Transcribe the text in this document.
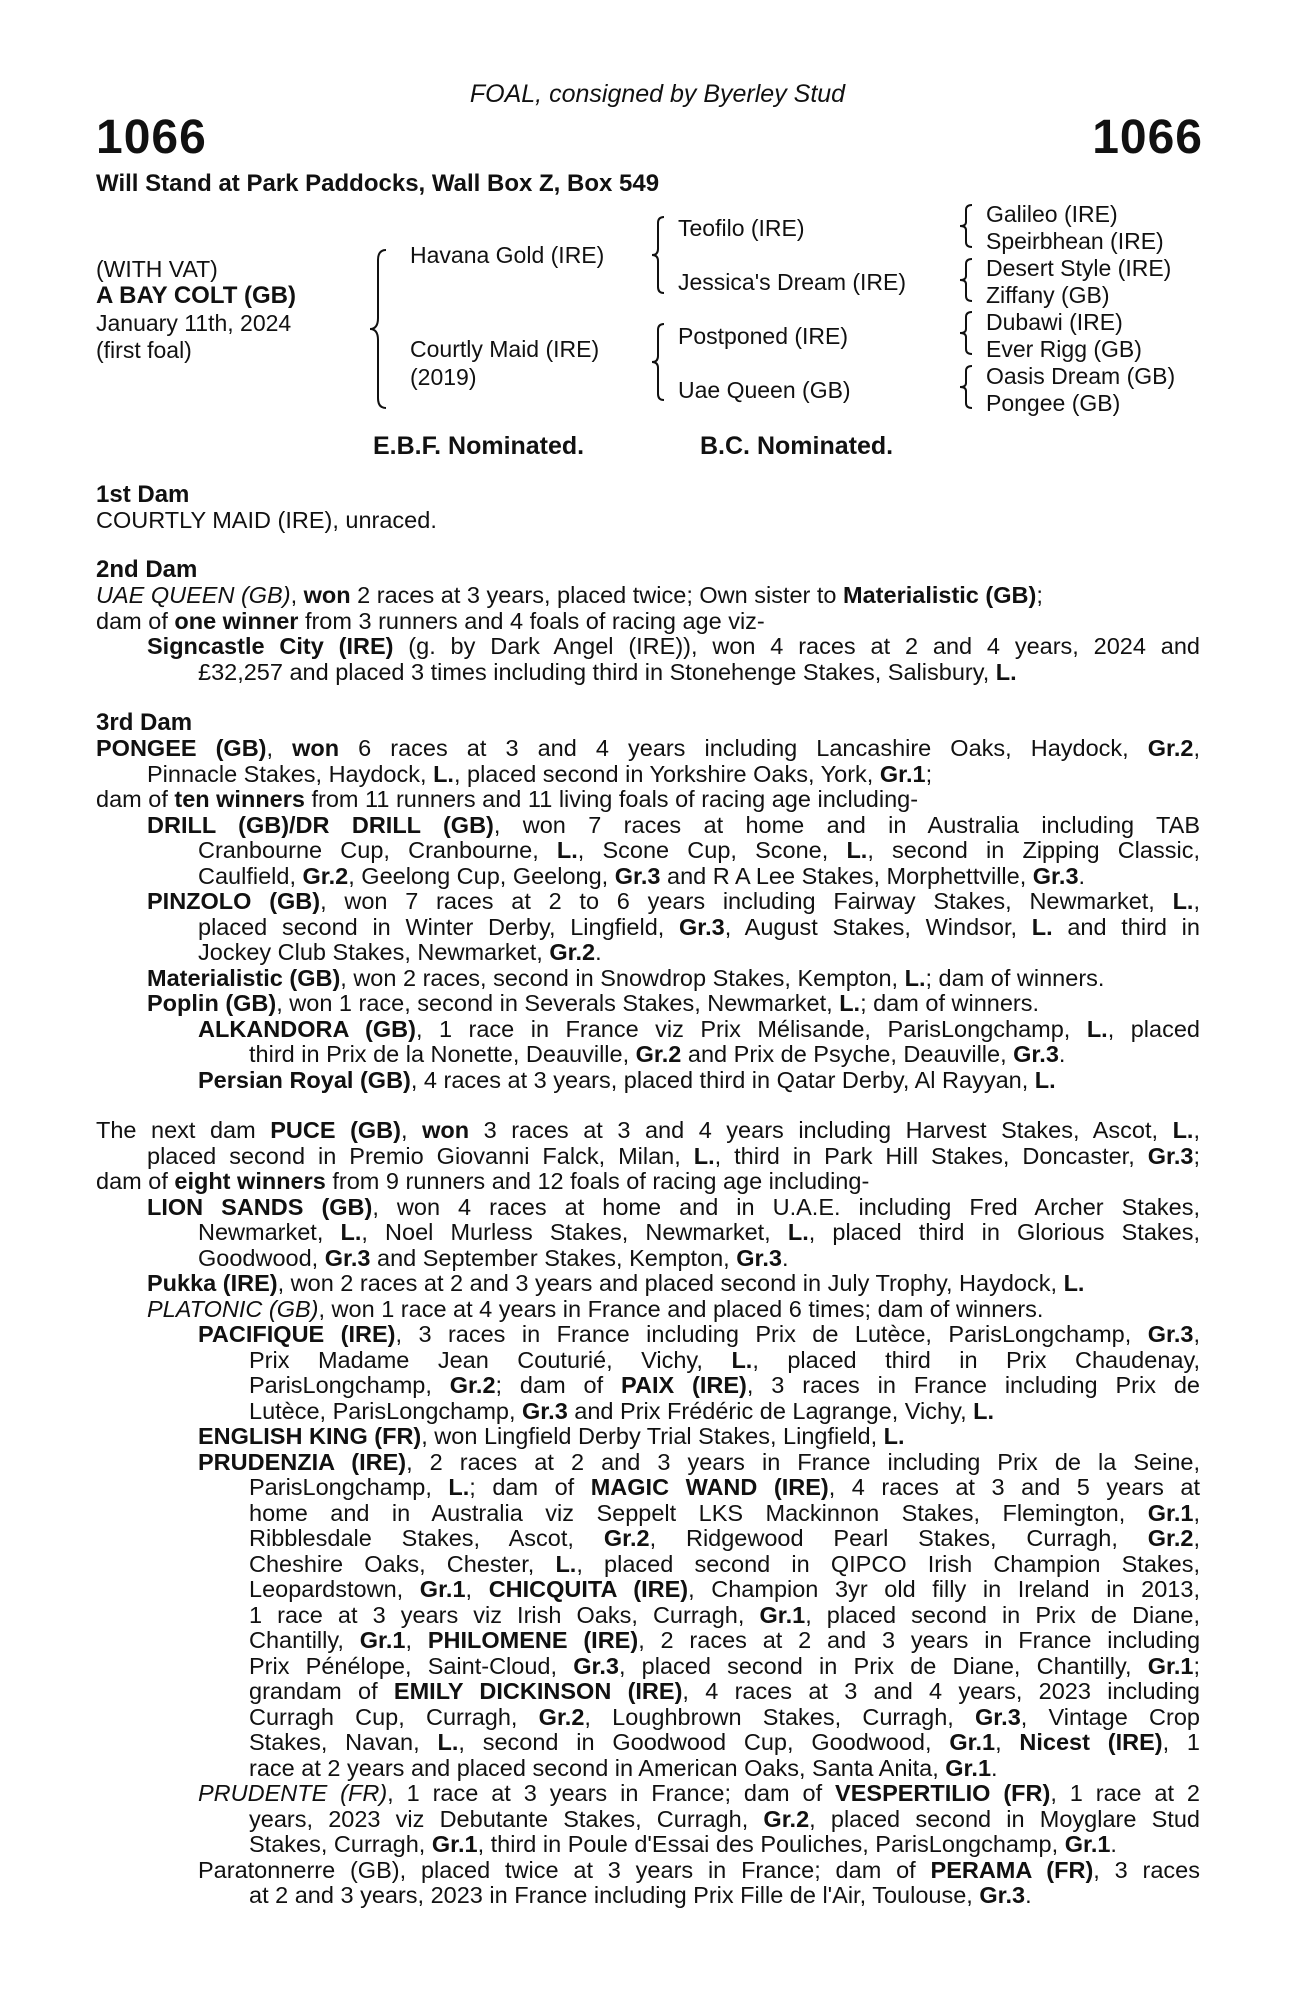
FOAL, consigned by Byerley Stud
1066	1066
Will Stand at Park Paddocks, Wall Box Z, Box 549
(WITH VAT)
A BAY COLT (GB)
January 11th, 2024
(first foal)
Havana Gold (IRE)
Courtly Maid (IRE)
(2019)
Teofilo (IRE)
Jessica's Dream (IRE)
Postponed (IRE)
Uae Queen (GB)
Galileo (IRE)
Speirbhean (IRE)
Desert Style (IRE)
Ziffany (GB)
Dubawi (IRE)
Ever Rigg (GB)
Oasis Dream (GB)
Pongee (GB)
E.B.F. Nominated.	B.C. Nominated.
1st Dam
COURTLY MAID (IRE), unraced.
2nd Dam
UAE QUEEN (GB), won 2 races at 3 years, placed twice; Own sister to Materialistic (GB);
dam of one winner from 3 runners and 4 foals of racing age viz-
Signcastle City (IRE) (g. by Dark Angel (IRE)), won 4 races at 2 and 4 years, 2024 and
£32,257 and placed 3 times including third in Stonehenge Stakes, Salisbury, L.
3rd Dam
PONGEE (GB), won 6 races at 3 and 4 years including Lancashire Oaks, Haydock, Gr.2,
Pinnacle Stakes, Haydock, L., placed second in Yorkshire Oaks, York, Gr.1;
dam of ten winners from 11 runners and 11 living foals of racing age including-
DRILL (GB)/DR DRILL (GB), won 7 races at home and in Australia including TAB
Cranbourne Cup, Cranbourne, L., Scone Cup, Scone, L., second in Zipping Classic,
Caulfield, Gr.2, Geelong Cup, Geelong, Gr.3 and R A Lee Stakes, Morphettville, Gr.3.
PINZOLO (GB), won 7 races at 2 to 6 years including Fairway Stakes, Newmarket, L.,
placed second in Winter Derby, Lingfield, Gr.3, August Stakes, Windsor, L. and third in
Jockey Club Stakes, Newmarket, Gr.2.
Materialistic (GB), won 2 races, second in Snowdrop Stakes, Kempton, L.; dam of winners.
Poplin (GB), won 1 race, second in Severals Stakes, Newmarket, L.; dam of winners.
ALKANDORA (GB), 1 race in France viz Prix Mélisande, ParisLongchamp, L., placed
third in Prix de la Nonette, Deauville, Gr.2 and Prix de Psyche, Deauville, Gr.3.
Persian Royal (GB), 4 races at 3 years, placed third in Qatar Derby, Al Rayyan, L.
The next dam PUCE (GB), won 3 races at 3 and 4 years including Harvest Stakes, Ascot, L.,
placed second in Premio Giovanni Falck, Milan, L., third in Park Hill Stakes, Doncaster, Gr.3;
dam of eight winners from 9 runners and 12 foals of racing age including-
LION SANDS (GB), won 4 races at home and in U.A.E. including Fred Archer Stakes,
Newmarket, L., Noel Murless Stakes, Newmarket, L., placed third in Glorious Stakes,
Goodwood, Gr.3 and September Stakes, Kempton, Gr.3.
Pukka (IRE), won 2 races at 2 and 3 years and placed second in July Trophy, Haydock, L.
PLATONIC (GB), won 1 race at 4 years in France and placed 6 times; dam of winners.
PACIFIQUE (IRE), 3 races in France including Prix de Lutèce, ParisLongchamp, Gr.3,
Prix Madame Jean Couturié, Vichy, L., placed third in Prix Chaudenay,
ParisLongchamp, Gr.2; dam of PAIX (IRE), 3 races in France including Prix de
Lutèce, ParisLongchamp, Gr.3 and Prix Frédéric de Lagrange, Vichy, L.
ENGLISH KING (FR), won Lingfield Derby Trial Stakes, Lingfield, L.
PRUDENZIA (IRE), 2 races at 2 and 3 years in France including Prix de la Seine,
ParisLongchamp, L.; dam of MAGIC WAND (IRE), 4 races at 3 and 5 years at
home and in Australia viz Seppelt LKS Mackinnon Stakes, Flemington, Gr.1,
Ribblesdale Stakes, Ascot, Gr.2, Ridgewood Pearl Stakes, Curragh, Gr.2,
Cheshire Oaks, Chester, L., placed second in QIPCO Irish Champion Stakes,
Leopardstown, Gr.1, CHICQUITA (IRE), Champion 3yr old filly in Ireland in 2013,
1 race at 3 years viz Irish Oaks, Curragh, Gr.1, placed second in Prix de Diane,
Chantilly, Gr.1, PHILOMENE (IRE), 2 races at 2 and 3 years in France including
Prix Pénélope, Saint-Cloud, Gr.3, placed second in Prix de Diane, Chantilly, Gr.1;
grandam of EMILY DICKINSON (IRE), 4 races at 3 and 4 years, 2023 including
Curragh Cup, Curragh, Gr.2, Loughbrown Stakes, Curragh, Gr.3, Vintage Crop
Stakes, Navan, L., second in Goodwood Cup, Goodwood, Gr.1, Nicest (IRE), 1
race at 2 years and placed second in American Oaks, Santa Anita, Gr.1.
PRUDENTE (FR), 1 race at 3 years in France; dam of VESPERTILIO (FR), 1 race at 2
years, 2023 viz Debutante Stakes, Curragh, Gr.2, placed second in Moyglare Stud
Stakes, Curragh, Gr.1, third in Poule d'Essai des Pouliches, ParisLongchamp, Gr.1.
Paratonnerre (GB), placed twice at 3 years in France; dam of PERAMA (FR), 3 races
at 2 and 3 years, 2023 in France including Prix Fille de l'Air, Toulouse, Gr.3.
